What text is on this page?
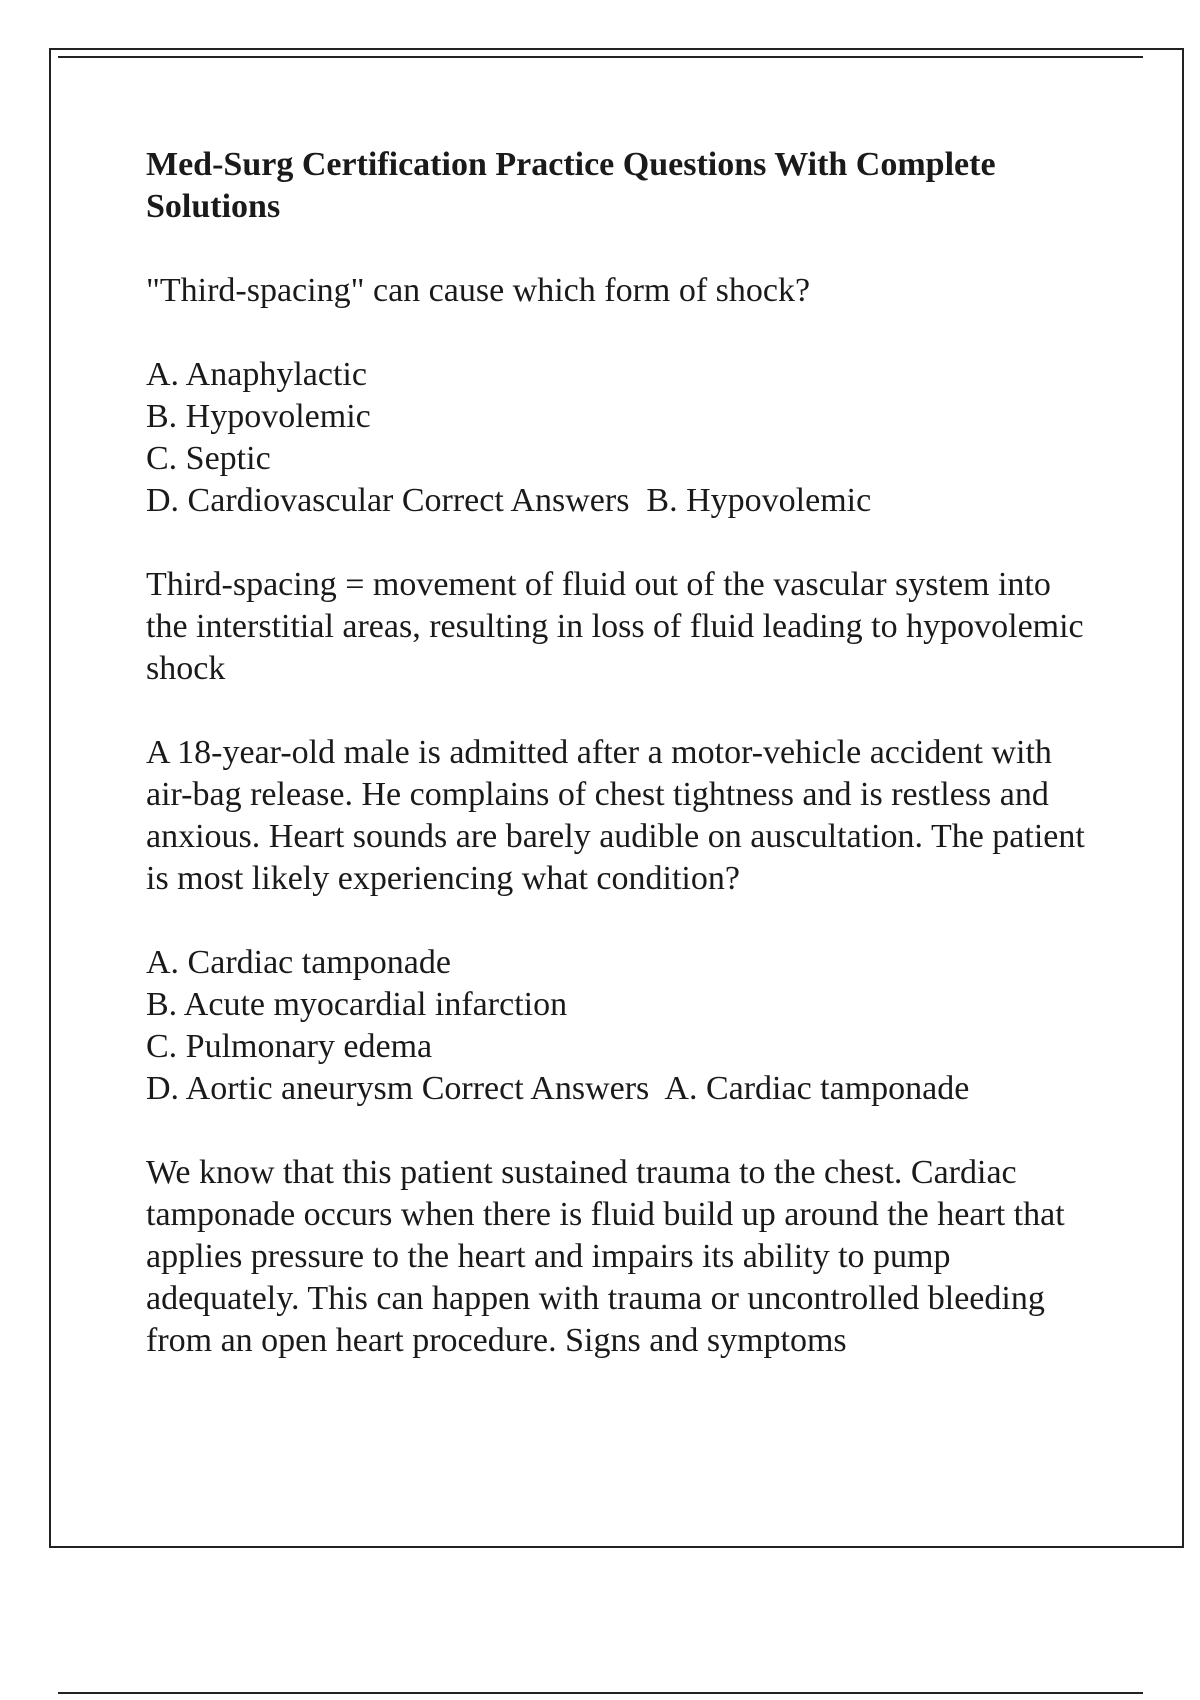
Med-Surg Certification Practice Questions With Complete Solutions

"Third-spacing" can cause which form of shock?

A. Anaphylactic
B. Hypovolemic
C. Septic
D. Cardiovascular Correct Answers  B. Hypovolemic

Third-spacing = movement of fluid out of the vascular system into the interstitial areas, resulting in loss of fluid leading to hypovolemic shock

A 18-year-old male is admitted after a motor-vehicle accident with air-bag release. He complains of chest tightness and is restless and anxious. Heart sounds are barely audible on auscultation. The patient is most likely experiencing what condition?

A. Cardiac tamponade
B. Acute myocardial infarction
C. Pulmonary edema
D. Aortic aneurysm Correct Answers  A. Cardiac tamponade

We know that this patient sustained trauma to the chest. Cardiac tamponade occurs when there is fluid build up around the heart that applies pressure to the heart and impairs its ability to pump adequately. This can happen with trauma or uncontrolled bleeding from an open heart procedure. Signs and symptoms
